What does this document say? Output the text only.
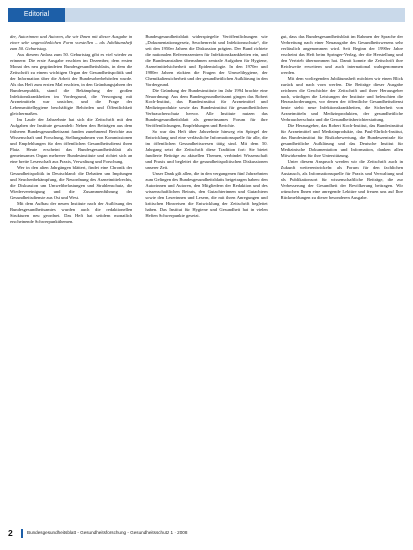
Editorial

der, Autorinnen und Autoren, die wir Ihnen mit dieser Ausgabe in einer sehr ungewöhnlichen Form vorstellen – als Jubiläumsheft zum 50. Geburtstag.

Aus diesem Anlass zum 50. Geburtstag gibt es viel wieder zu erinnern: Die erste Ausgabe erschien im Dezember, dem ersten Monat des neu gegründeten Bundesgesundheitsblatts, in dem die Zeitschrift zu einem wichtigen Organ der Gesundheitspolitik und der Information über die Arbeit der Bundesoberbehörden wurde. Als das Heft zum ersten Mal erschien, in den Gründungsjahren der Bundesrepublik, stand die Bekämpfung der großen Infektionskrankheiten im Vordergrund, die Versorgung mit Arzneimitteln war unsicher, und die Frage der Lebensmittelhygiene beschäftigte Behörden und Öffentlichkeit gleichermaßen.

Im Laufe der Jahrzehnte hat sich die Zeitschrift mit den Aufgaben der Institute gewandelt: Neben den Beiträgen aus dem früheren Bundesgesundheitsamt fanden zunehmend Berichte aus Wissenschaft und Forschung, Stellungnahmen von Kommissionen und Empfehlungen für den öffentlichen Gesundheitsdienst ihren Platz. Heute erscheint das Bundesgesundheitsblatt als gemeinsames Organ mehrerer Bundesinstitute und richtet sich an eine breite Leserschaft aus Praxis, Verwaltung und Forschung.

Wer in den alten Jahrgängen blättert, findet eine Chronik der Gesundheitspolitik in Deutschland: die Debatten um Impfungen und Seuchenbekämpfung, die Neuordnung des Arzneimittelrechts, die Diskussion um Umweltbelastungen und Strahlenschutz, die Wiedervereinigung und die Zusammenführung der Gesundheitsdienste aus Ost und West.

Mit dem Aufbau der neuen Institute nach der Auflösung des Bundesgesundheitsamtes wurden auch die redaktionellen Strukturen neu geordnet. Das Heft hat seitdem monatlich erscheinende Schwerpunktthemen.

Bundesgesundheitsblatt widerspiegelte Veröffentlichungen wie „Dokumentationsgesetz, Seuchenrecht und Infektionsschutz“, die seit den 1950er Jahren die Diskussion prägten. Der Bund richtete die nationalen Referenzzentren für Infektionskrankheiten ein, und die Bundesanstalten übernahmen zentrale Aufgaben für Hygiene, Arzneimittelsicherheit und Epidemiologie. In den 1970er und 1980er Jahren rückten die Fragen der Umwelthygiene, der Chemikaliensicherheit und der gesundheitlichen Aufklärung in den Vordergrund.

Die Gründung der Bundesinstitute im Jahr 1994 brachte eine Neuordnung: Aus dem Bundesgesundheitsamt gingen das Robert Koch-Institut, das Bundesinstitut für Arzneimittel und Medizinprodukte sowie das Bundesinstitut für gesundheitlichen Verbraucherschutz hervor. Alle Institute nutzen das Bundesgesundheitsblatt als gemeinsames Forum für ihre Veröffentlichungen, Empfehlungen und Berichte.

So war das Heft über Jahrzehnte hinweg ein Spiegel der Entwicklung und eine verlässliche Informationsquelle für alle, die im öffentlichen Gesundheitswesen tätig sind. Mit dem 50. Jahrgang setzt die Zeitschrift diese Tradition fort: Sie bietet fundierte Beiträge zu aktuellen Themen, verbindet Wissenschaft und Praxis und begleitet die gesundheitspolitischen Diskussionen unserer Zeit.

Unser Dank gilt allen, die in den vergangenen fünf Jahrzehnten zum Gelingen des Bundesgesundheitsblatts beigetragen haben: den Autorinnen und Autoren, den Mitgliedern der Redaktion und des wissenschaftlichen Beirats, den Gutachterinnen und Gutachtern sowie den Leserinnen und Lesern, die mit ihren Anregungen und kritischen Hinweisen die Entwicklung der Zeitschrift begleitet haben. Das Institut für Hygiene und Gesundheit hat in vielen Heften Schwerpunkte gesetzt.

gut, dass das Bundesgesundheitsblatt im Rahmen der Sprache der Verbreitung nach einer Neuausgabe des Gesundheitswesens sehr verlässlich angenommen wird. Seit Beginn der 1990er Jahre erscheint das Heft beim Springer-Verlag, der die Herstellung und den Vertrieb übernommen hat. Damit konnte die Zeitschrift ihre Reichweite erweitern und auch international wahrgenommen werden.

Mit dem vorliegenden Jubiläumsheft möchten wir einen Blick zurück und nach vorn werfen. Die Beiträge dieser Ausgabe zeichnen die Geschichte der Zeitschrift und ihrer Herausgeber nach, würdigen die Leistungen der Institute und beleuchten die Herausforderungen, vor denen der öffentliche Gesundheitsdienst heute steht: neue Infektionskrankheiten, die Sicherheit von Arzneimitteln und Medizinprodukten, der gesundheitliche Verbraucherschutz und die Gesundheitsberichterstattung.

Die Herausgeber, das Robert Koch-Institut, das Bundesinstitut für Arzneimittel und Medizinprodukte, das Paul-Ehrlich-Institut, das Bundesinstitut für Risikobewertung, die Bundeszentrale für gesundheitliche Aufklärung und das Deutsche Institut für Medizinische Dokumentation und Information, danken allen Mitwirkenden für ihre Unterstützung.

Unter diesem Anspruch werden wir die Zeitschrift auch in Zukunft weiterentwickeln: als Forum für den fachlichen Austausch, als Informationsquelle für Praxis und Verwaltung und als Publikationsort für wissenschaftliche Beiträge, die zur Verbesserung der Gesundheit der Bevölkerung beitragen. Wir wünschen Ihnen eine anregende Lektüre und freuen uns auf Ihre Rückmeldungen zu dieser besonderen Ausgabe.

2	Bundesgesundheitsblatt - Gesundheitsforschung - Gesundheitsschutz 1 · 2008
